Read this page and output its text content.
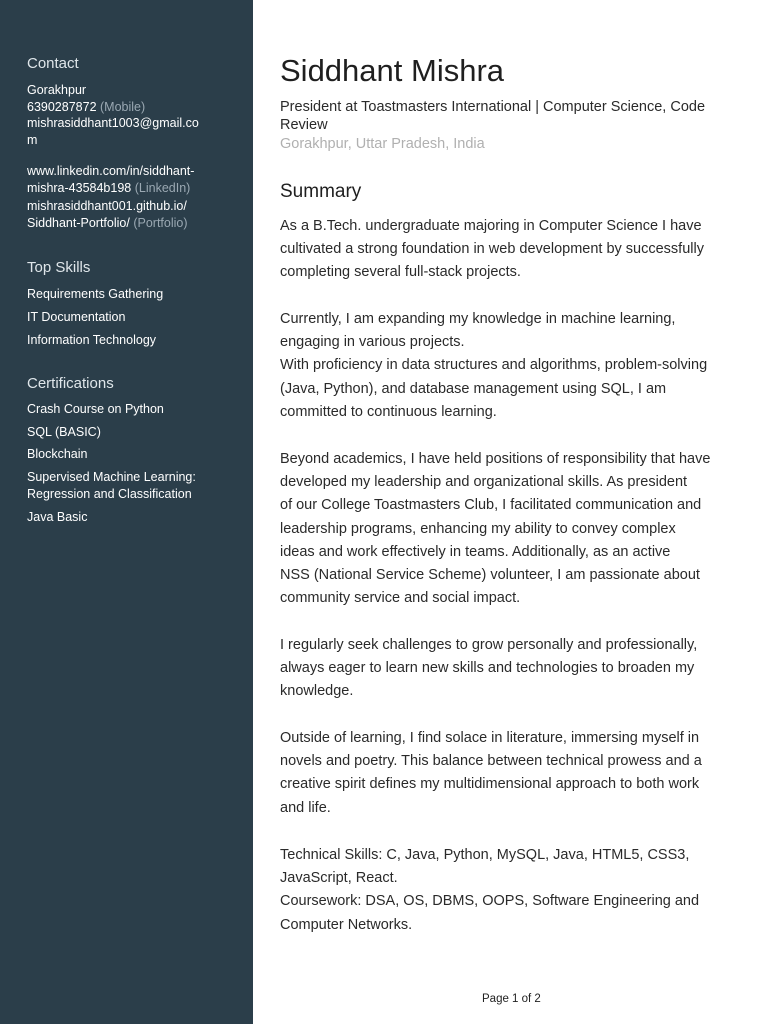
Contact
Gorakhpur
6390287872 (Mobile)
mishrasiddhant1003@gmail.co
m
www.linkedin.com/in/siddhant-
mishra-43584b198 (LinkedIn)
mishrasiddhant001.github.io/
Siddhant-Portfolio/ (Portfolio)
Top Skills
Requirements Gathering
IT Documentation
Information Technology
Certifications
Crash Course on Python
SQL (BASIC)
Blockchain
Supervised Machine Learning:
Regression and Classification
Java Basic
Siddhant Mishra
President at Toastmasters International | Computer Science, Code Review
Gorakhpur, Uttar Pradesh, India
Summary
As a B.Tech. undergraduate majoring in Computer Science I have
cultivated a strong foundation in web development by successfully
completing several full-stack projects.
Currently, I am expanding my knowledge in machine learning,
engaging in various projects.
With proficiency in data structures and algorithms, problem-solving
(Java, Python), and database management using SQL, I am
committed to continuous learning.
Beyond academics, I have held positions of responsibility that have
developed my leadership and organizational skills. As president
of our College Toastmasters Club, I facilitated communication and
leadership programs, enhancing my ability to convey complex
ideas and work effectively in teams. Additionally, as an active
NSS (National Service Scheme) volunteer, I am passionate about
community service and social impact.
I regularly seek challenges to grow personally and professionally,
always eager to learn new skills and technologies to broaden my
knowledge.
Outside of learning, I find solace in literature, immersing myself in
novels and poetry. This balance between technical prowess and a
creative spirit defines my multidimensional approach to both work
and life.
Technical Skills: C, Java, Python, MySQL, Java, HTML5, CSS3,
JavaScript, React.
Coursework: DSA, OS, DBMS, OOPS, Software Engineering and
Computer Networks.
Page 1 of 2
